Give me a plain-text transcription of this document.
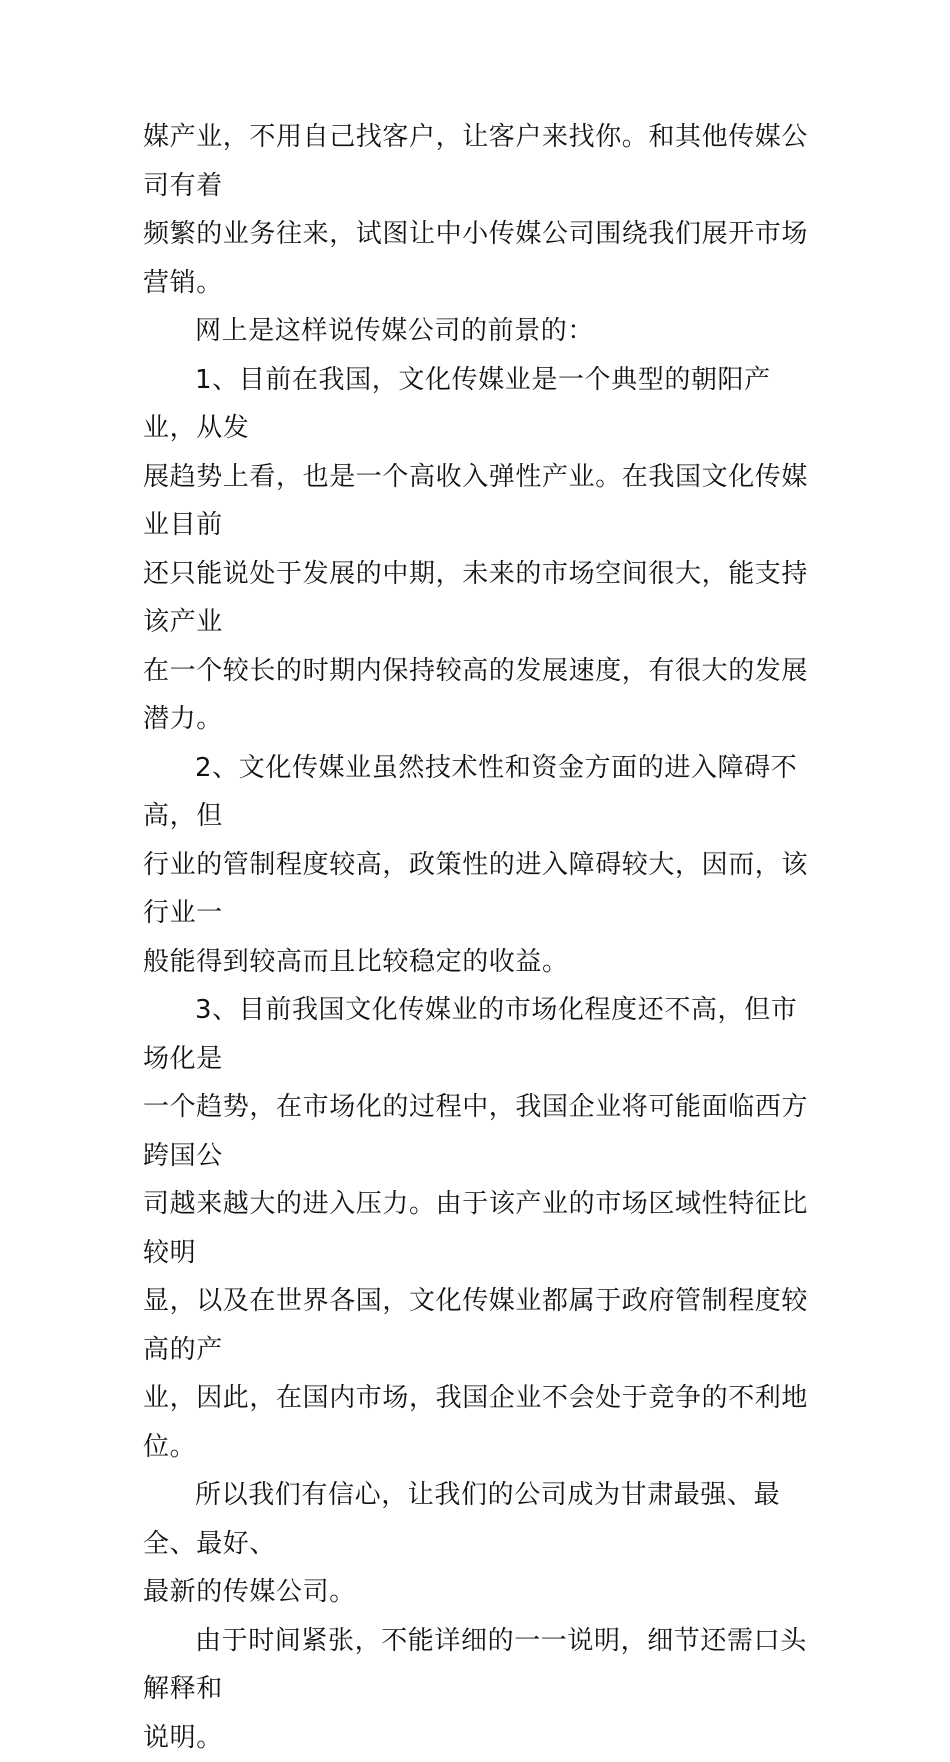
媒产业，不用自己找客户，让客户来找你。和其他传媒公司有着
频繁的业务往来，试图让中小传媒公司围绕我们展开市场营销。

网上是这样说传媒公司的前景的：

1、目前在我国，文化传媒业是一个典型的朝阳产业，从发
展趋势上看，也是一个高收入弹性产业。在我国文化传媒业目前
还只能说处于发展的中期，未来的市场空间很大，能支持该产业
在一个较长的时期内保持较高的发展速度，有很大的发展潜力。

2、文化传媒业虽然技术性和资金方面的进入障碍不高，但
行业的管制程度较高，政策性的进入障碍较大，因而，该行业一
般能得到较高而且比较稳定的收益。

3、目前我国文化传媒业的市场化程度还不高，但市场化是
一个趋势，在市场化的过程中，我国企业将可能面临西方跨国公
司越来越大的进入压力。由于该产业的市场区域性特征比较明
显，以及在世界各国，文化传媒业都属于政府管制程度较高的产
业，因此，在国内市场，我国企业不会处于竞争的不利地位。

所以我们有信心，让我们的公司成为甘肃最强、最全、最好、
最新的传媒公司。

由于时间紧张，不能详细的一一说明，细节还需口头解释和
说明。
